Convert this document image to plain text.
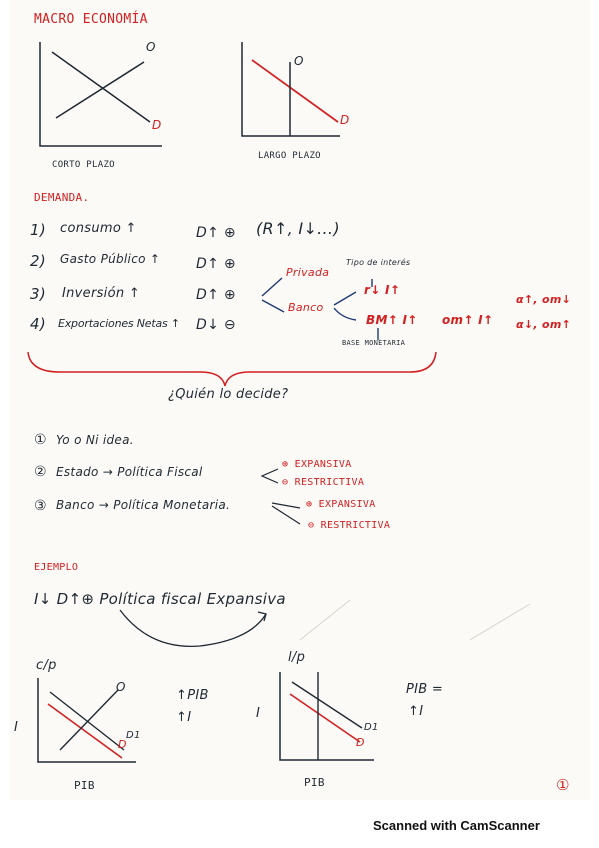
MACRO ECONOMÍA
O
D
CORTO PLAZO
O
D
LARGO PLAZO
DEMANDA.
1) consumo ↑	D↑ ⊕ (R↑, I↓...)
2) Gasto Público ↑	D↑ ⊕
3) Inversión ↑	D↑ ⊕
4) Exportaciones Netas ↑ D↓ ⊖
Privada
Banco
Tipo de interés
r↓ I↑
BM↑ I↑ om↑ I↑
α↑, om↓
α↓, om↑
BASE MONETARIA
¿Quién lo decide?
① Yo o Ni idea.
② Estado → Política Fiscal
③ Banco → Política Monetaria.
⊕ EXPANSIVA
⊖ RESTRICTIVA
⊕ EXPANSIVA
⊖ RESTRICTIVA
EJEMPLO
I↓ D↑⊕ Política fiscal Expansiva
c/p
I
O
D
D1
PIB
↑PIB
↑I
l/p
I
D
D1
PIB
PIB =
↑I
①
Scanned with CamScanner
